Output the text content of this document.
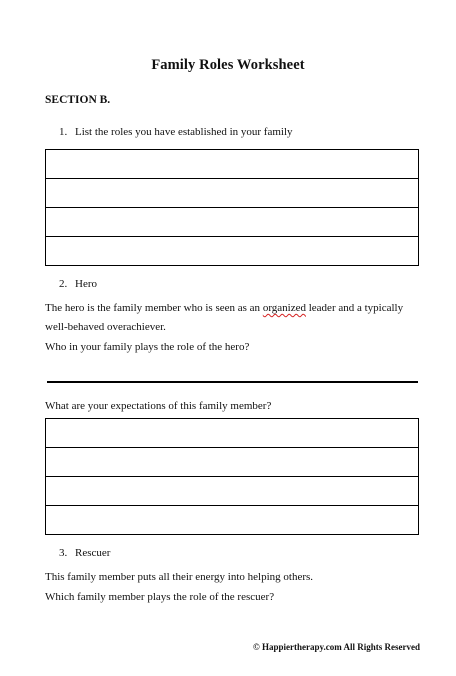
Family Roles Worksheet
SECTION B.
1. List the roles you have established in your family
2. Hero
The hero is the family member who is seen as an organized leader and a typically
well-behaved overachiever.
Who in your family plays the role of the hero?
What are your expectations of this family member?
3. Rescuer
This family member puts all their energy into helping others.
Which family member plays the role of the rescuer?
© Happiertherapy.com All Rights Reserved
